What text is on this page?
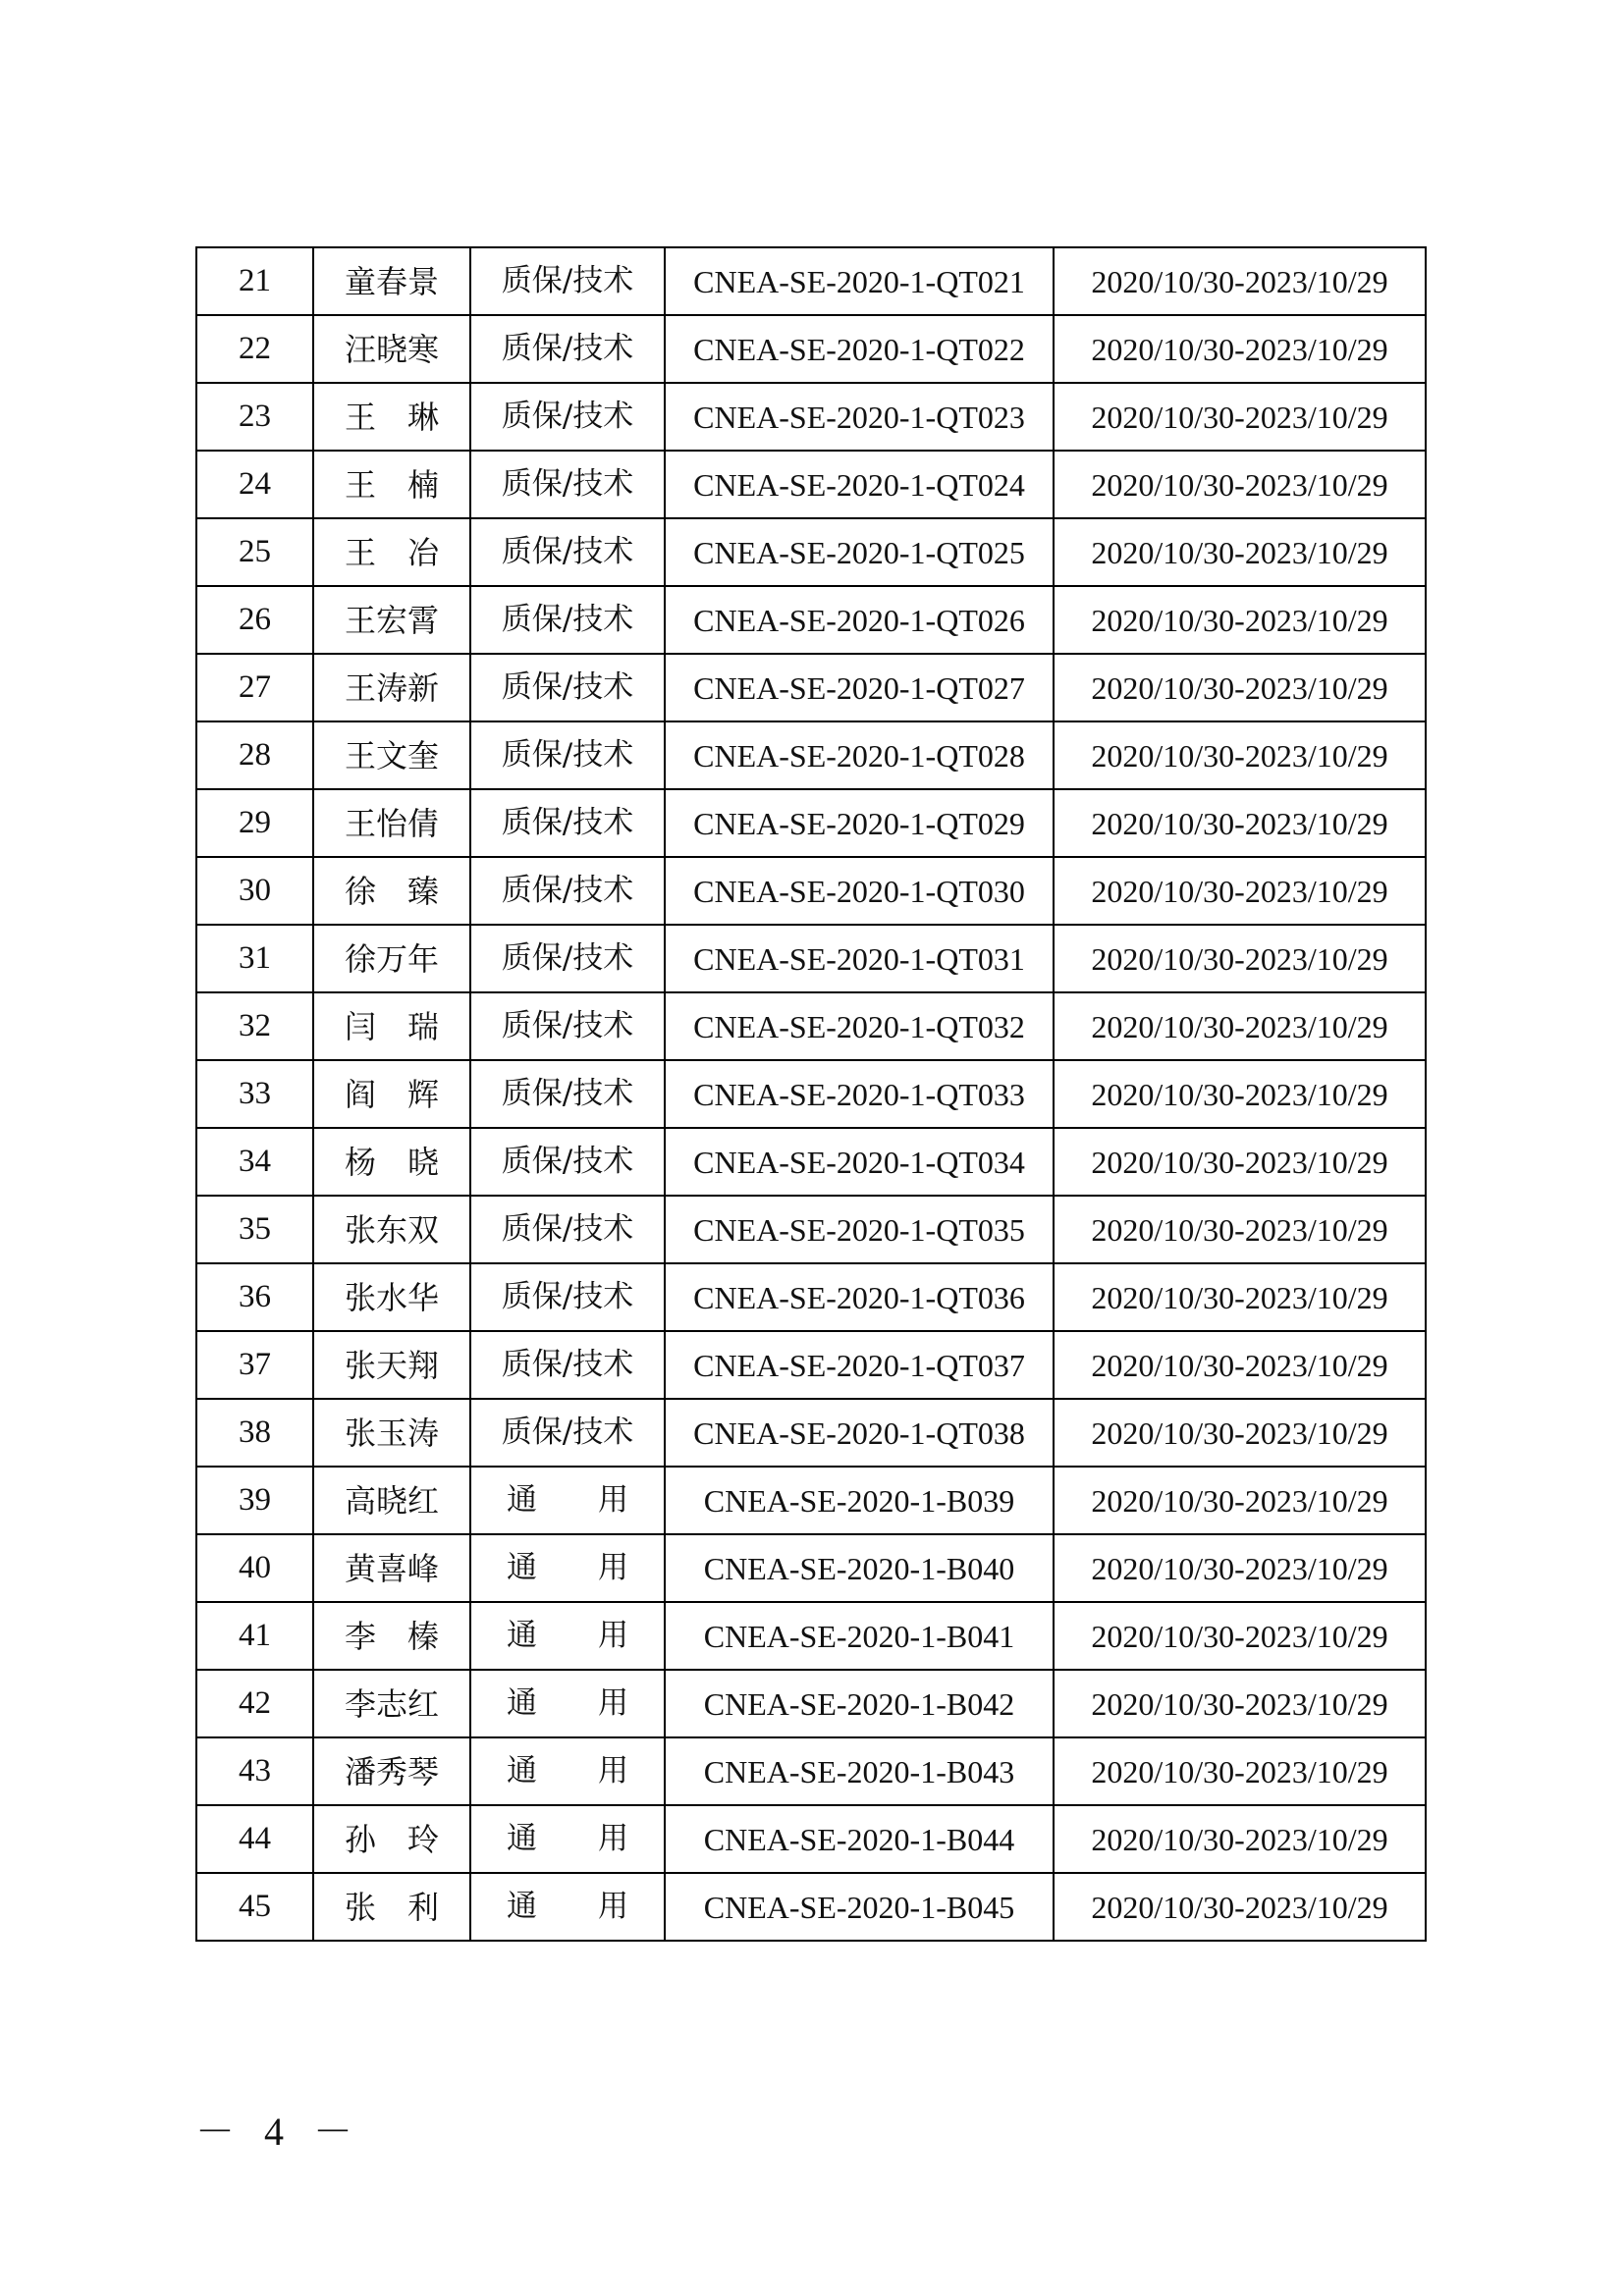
21	童春景	质保/技术	CNEA-SE-2020-1-QT021	2020/10/30-2023/10/29
22	汪晓寒	质保/技术	CNEA-SE-2020-1-QT022	2020/10/30-2023/10/29
23	王　琳	质保/技术	CNEA-SE-2020-1-QT023	2020/10/30-2023/10/29
24	王　楠	质保/技术	CNEA-SE-2020-1-QT024	2020/10/30-2023/10/29
25	王　冶	质保/技术	CNEA-SE-2020-1-QT025	2020/10/30-2023/10/29
26	王宏霄	质保/技术	CNEA-SE-2020-1-QT026	2020/10/30-2023/10/29
27	王涛新	质保/技术	CNEA-SE-2020-1-QT027	2020/10/30-2023/10/29
28	王文奎	质保/技术	CNEA-SE-2020-1-QT028	2020/10/30-2023/10/29
29	王怡倩	质保/技术	CNEA-SE-2020-1-QT029	2020/10/30-2023/10/29
30	徐　臻	质保/技术	CNEA-SE-2020-1-QT030	2020/10/30-2023/10/29
31	徐万年	质保/技术	CNEA-SE-2020-1-QT031	2020/10/30-2023/10/29
32	闫　瑞	质保/技术	CNEA-SE-2020-1-QT032	2020/10/30-2023/10/29
33	阎　辉	质保/技术	CNEA-SE-2020-1-QT033	2020/10/30-2023/10/29
34	杨　晓	质保/技术	CNEA-SE-2020-1-QT034	2020/10/30-2023/10/29
35	张东双	质保/技术	CNEA-SE-2020-1-QT035	2020/10/30-2023/10/29
36	张水华	质保/技术	CNEA-SE-2020-1-QT036	2020/10/30-2023/10/29
37	张天翔	质保/技术	CNEA-SE-2020-1-QT037	2020/10/30-2023/10/29
38	张玉涛	质保/技术	CNEA-SE-2020-1-QT038	2020/10/30-2023/10/29
39	高晓红	通　　用	CNEA-SE-2020-1-B039	2020/10/30-2023/10/29
40	黄喜峰	通　　用	CNEA-SE-2020-1-B040	2020/10/30-2023/10/29
41	李　榛	通　　用	CNEA-SE-2020-1-B041	2020/10/30-2023/10/29
42	李志红	通　　用	CNEA-SE-2020-1-B042	2020/10/30-2023/10/29
43	潘秀琴	通　　用	CNEA-SE-2020-1-B043	2020/10/30-2023/10/29
44	孙　玲	通　　用	CNEA-SE-2020-1-B044	2020/10/30-2023/10/29
45	张　利	通　　用	CNEA-SE-2020-1-B045	2020/10/30-2023/10/29
－ 4 －
